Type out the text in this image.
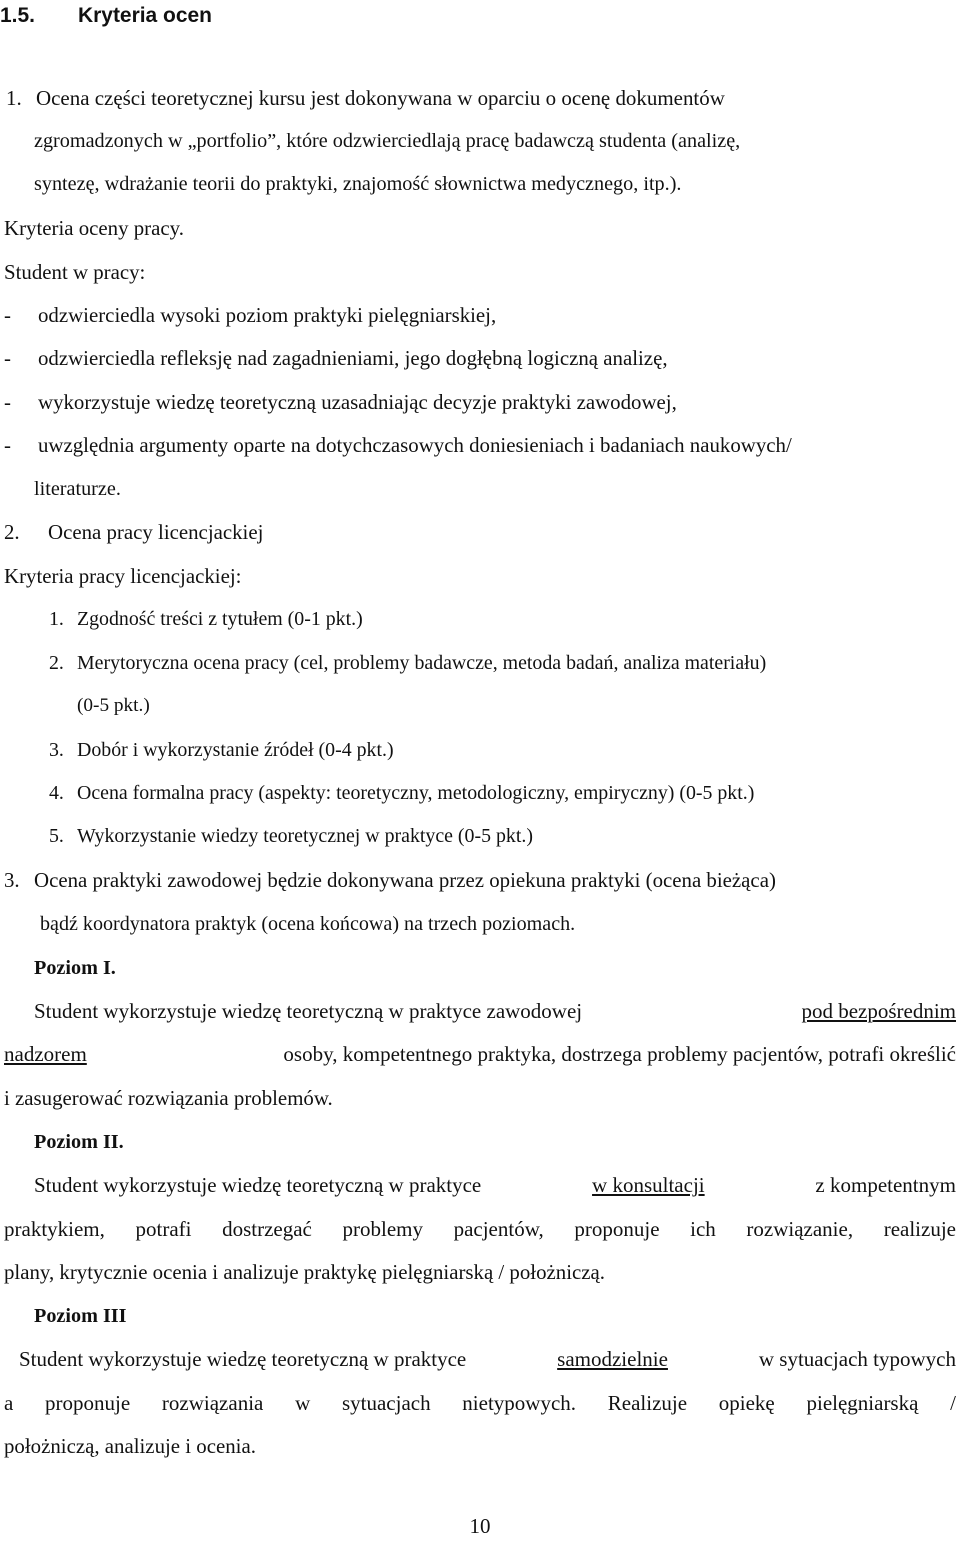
1.5. Kryteria ocen
1. Ocena części teoretycznej kursu jest dokonywana w oparciu o ocenę dokumentów
zgromadzonych w „portfolio”, które odzwierciedlają pracę badawczą studenta (analizę,
syntezę, wdrażanie teorii do praktyki, znajomość słownictwa medycznego, itp.).
Kryteria oceny pracy.
Student w pracy:
- odzwierciedla wysoki poziom praktyki pielęgniarskiej,
- odzwierciedla refleksję nad zagadnieniami, jego dogłębną logiczną analizę,
- wykorzystuje wiedzę teoretyczną uzasadniając decyzje praktyki zawodowej,
- uwzględnia argumenty oparte na dotychczasowych doniesieniach i badaniach naukowych/
literaturze.
2. Ocena pracy licencjackiej
Kryteria pracy licencjackiej:
1. Zgodność treści z tytułem (0-1 pkt.)
2. Merytoryczna ocena pracy (cel, problemy badawcze, metoda badań, analiza materiału)
(0-5 pkt.)
3. Dobór i wykorzystanie źródeł (0-4 pkt.)
4. Ocena formalna pracy (aspekty: teoretyczny, metodologiczny, empiryczny) (0-5 pkt.)
5. Wykorzystanie wiedzy teoretycznej w praktyce (0-5 pkt.)
3. Ocena praktyki zawodowej będzie dokonywana przez opiekuna praktyki (ocena bieżąca)
bądź koordynatora praktyk (ocena końcowa) na trzech poziomach.
Poziom I.
Student wykorzystuje wiedzę teoretyczną w praktyce zawodowej	pod bezpośrednim
nadzorem	osoby, kompetentnego praktyka, dostrzega problemy pacjentów, potrafi określić
i zasugerować rozwiązania problemów.
Poziom II.
Student wykorzystuje wiedzę teoretyczną w praktyce	w konsultacji	z kompetentnym
praktykiem, potrafi dostrzegać problemy pacjentów, proponuje ich rozwiązanie, realizuje
plany, krytycznie ocenia i analizuje praktykę pielęgniarską / położniczą.
Poziom III
Student wykorzystuje wiedzę teoretyczną w praktyce	samodzielnie	w sytuacjach typowych
a proponuje rozwiązania w sytuacjach nietypowych. Realizuje opiekę pielęgniarską /
położniczą, analizuje i ocenia.
10
